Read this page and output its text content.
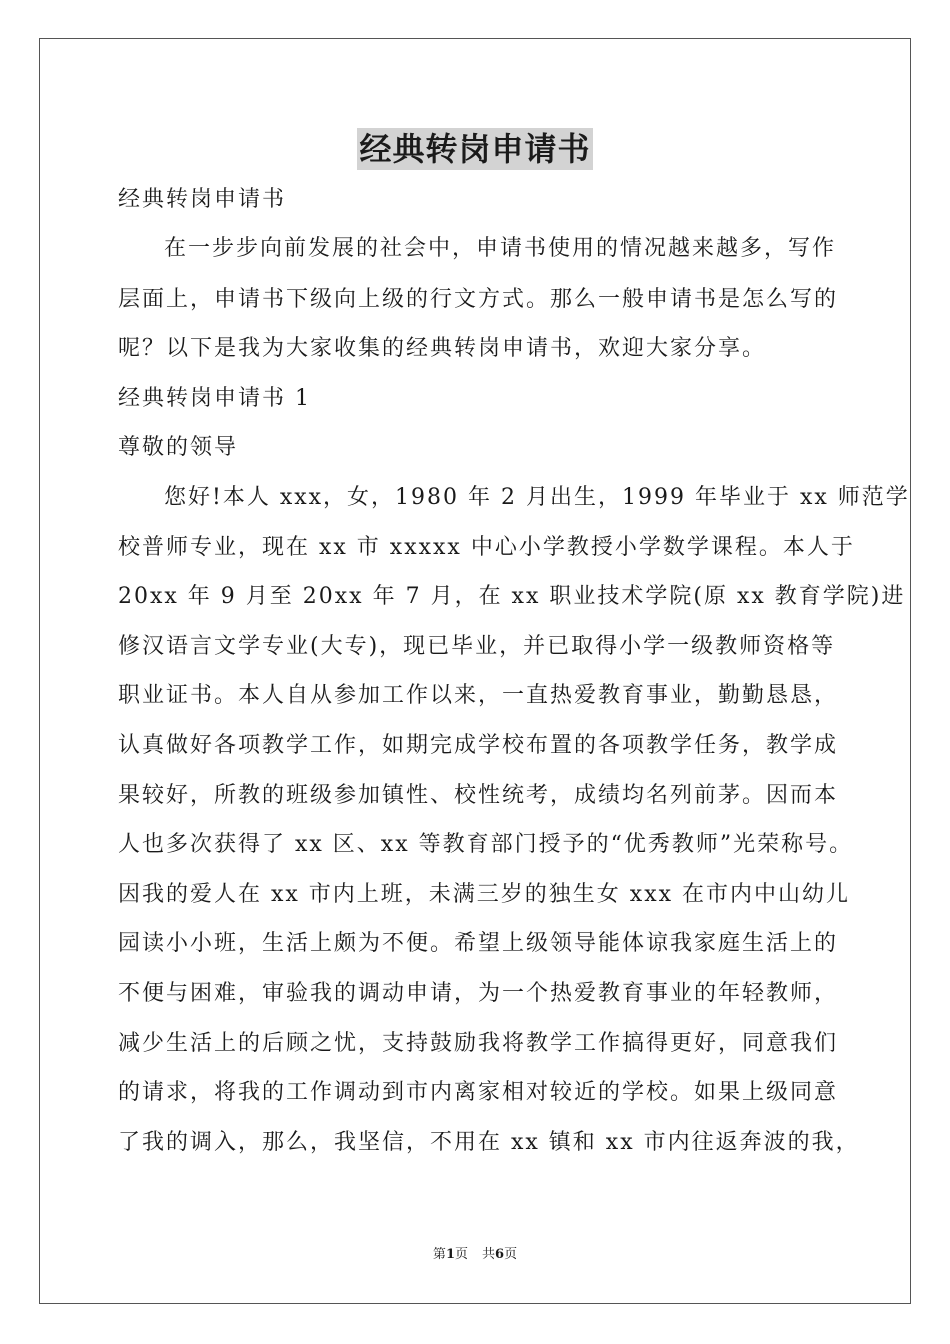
经典转岗申请书
经典转岗申请书
在一步步向前发展的社会中，申请书使用的情况越来越多，写作
层面上，申请书下级向上级的行文方式。那么一般申请书是怎么写的
呢？以下是我为大家收集的经典转岗申请书，欢迎大家分享。
经典转岗申请书 1
尊敬的领导
您好!本人 xxx，女，1980 年 2 月出生，1999 年毕业于 xx 师范学
校普师专业，现在 xx 市 xxxxx 中心小学教授小学数学课程。本人于
20xx 年 9 月至 20xx 年 7 月，在 xx 职业技术学院(原 xx 教育学院)进
修汉语言文学专业(大专)，现已毕业，并已取得小学一级教师资格等
职业证书。本人自从参加工作以来，一直热爱教育事业，勤勤恳恳，
认真做好各项教学工作，如期完成学校布置的各项教学任务，教学成
果较好，所教的班级参加镇性、校性统考，成绩均名列前茅。因而本
人也多次获得了 xx 区、xx 等教育部门授予的“优秀教师”光荣称号。
因我的爱人在 xx 市内上班，未满三岁的独生女 xxx 在市内中山幼儿
园读小小班，生活上颇为不便。希望上级领导能体谅我家庭生活上的
不便与困难，审验我的调动申请，为一个热爱教育事业的年轻教师，
减少生活上的后顾之忧，支持鼓励我将教学工作搞得更好，同意我们
的请求，将我的工作调动到市内离家相对较近的学校。如果上级同意
了我的调入，那么，我坚信，不用在 xx 镇和 xx 市内往返奔波的我，
第1页 共6页
